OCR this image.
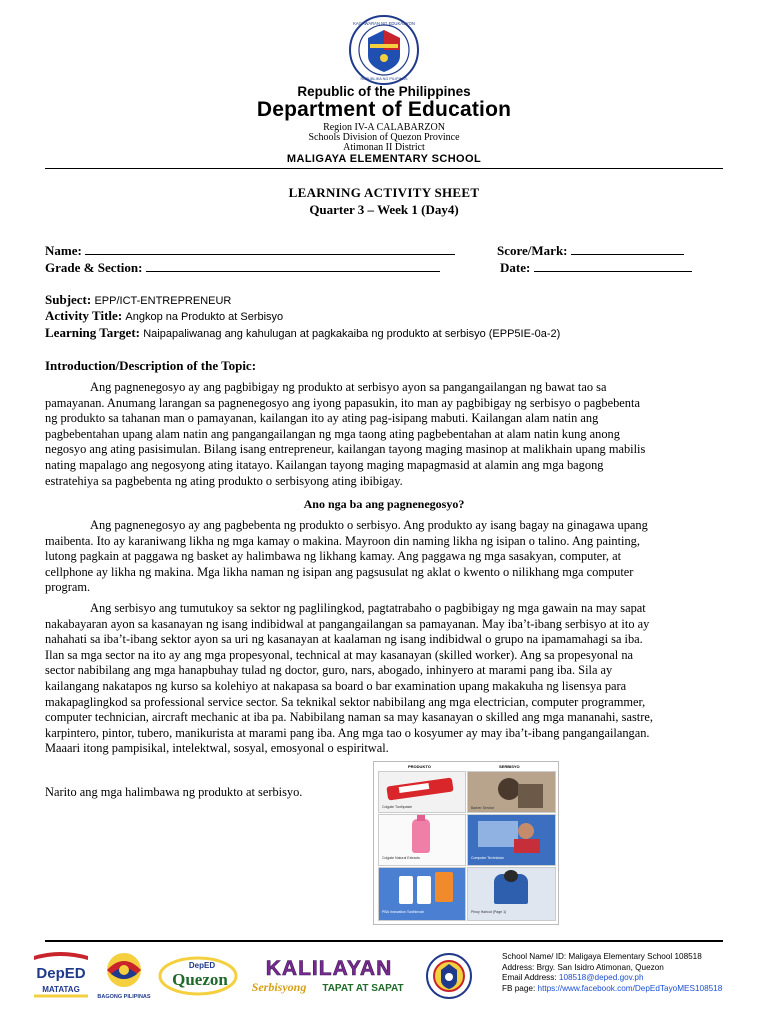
KAGAWARAN NG EDUKASYON
REPUBLIKA NG PILIPINAS
Republic of the Philippines
Department of Education
Region IV-A CALABARZON
Schools Division of Quezon Province
Atimonan II District
MALIGAYA ELEMENTARY SCHOOL
LEARNING ACTIVITY SHEET
Quarter 3 – Week 1 (Day4)
Name:	Score/Mark:
Grade & Section:	Date:
Subject: EPP/ICT-ENTREPRENEUR
Activity Title: Angkop na Produkto at Serbisyo
Learning Target: Naipapaliwanag ang kahulugan at pagkakaiba ng produkto at serbisyo (EPP5IE-0a-2)
Introduction/Description of the Topic:
Ang pagnenegosyo ay ang pagbibigay ng produkto at serbisyo ayon sa pangangailangan ng bawat tao sa
pamayanan. Anumang larangan sa pagnenegosyo ang iyong papasukin, ito man ay pagbibigay ng serbisyo o pagbebenta
ng produkto sa tahanan man o pamayanan, kailangan ito ay ating pag-isipang mabuti. Kailangan alam natin ang
pagbebentahan upang alam natin ang pangangailangan ng mga taong ating pagbebentahan at alam natin kung anong
negosyo ang ating pasisimulan. Bilang isang entrepreneur, kailangan tayong maging masinop at malikhain upang mabilis
nating mapalago ang negosyong ating itatayo. Kailangan tayong maging mapagmasid at alamin ang mga bagong
estratehiya sa pagbebenta ng ating produkto o serbisyong ating ibibigay.
Ano nga ba ang pagnenegosyo?
Ang pagnenegosyo ay ang pagbebenta ng produkto o serbisyo. Ang produkto ay isang bagay na ginagawa upang
maibenta. Ito ay karaniwang likha ng mga kamay o makina. Mayroon din naming likha ng isipan o talino. Ang painting,
lutong pagkain at paggawa ng basket ay halimbawa ng likhang kamay. Ang paggawa ng mga sasakyan, computer, at
cellphone ay likha ng makina. Mga likha naman ng isipan ang pagsusulat ng aklat o kwento o nilikhang mga computer
program.
Ang serbisyo ang tumutukoy sa sektor ng paglilingkod, pagtatrabaho o pagbibigay ng mga gawain na may sapat
nakabayaran ayon sa kasanayan ng isang indibidwal at pangangailangan sa pamayanan. May iba’t-ibang serbisyo at ito ay
nahahati sa iba’t-ibang sektor ayon sa uri ng kasanayan at kaalaman ng isang indibidwal o grupo na ipamamahagi sa iba.
Ilan sa mga sector na ito ay ang mga propesyonal, technical at may kasanayan (skilled worker). Ang sa propesyonal na
sector nabibilang ang mga hanapbuhay tulad ng doctor, guro, nars, abogado, inhinyero at marami pang iba. Sila ay
kailangang nakatapos ng kurso sa kolehiyo at nakapasa sa board o bar examination upang makakuha ng lisensya para
makapaglingkod sa professional service sector. Sa teknikal sektor nabibilang ang mga electrician, computer programmer,
computer technician, aircraft mechanic at iba pa. Nabibilang naman sa may kasanayan o skilled ang mga mananahi, sastre,
karpintero, pintor, tubero, manikurista at marami pang iba. Ang mga tao o kosyumer ay may iba’t-ibang pangangailangan.
Maaari itong pampisikal, intelektwal, sosyal, emosyonal o espiritwal.
Narito ang mga halimbawa ng produkto at serbisyo.
PRODUKTO	SERBISYO
Colgate Toothpaste	Barber Service
Colgate Natural Extracts	Computer Technician
PBA Innovation Toothbrush	Pinoy Haircut (Page 1)
DepED
MATATAG
BAGONG PILIPINAS
DepED
Quezon KALILAYAN
Serbisyong TAPAT AT SAPAT
School Name/ ID: Maligaya Elementary School 108518
Address: Brgy. San Isidro Atimonan, Quezon
Email Address: 108518@deped.gov.ph
FB page: https://www.facebook.com/DepEdTayoMES108518
